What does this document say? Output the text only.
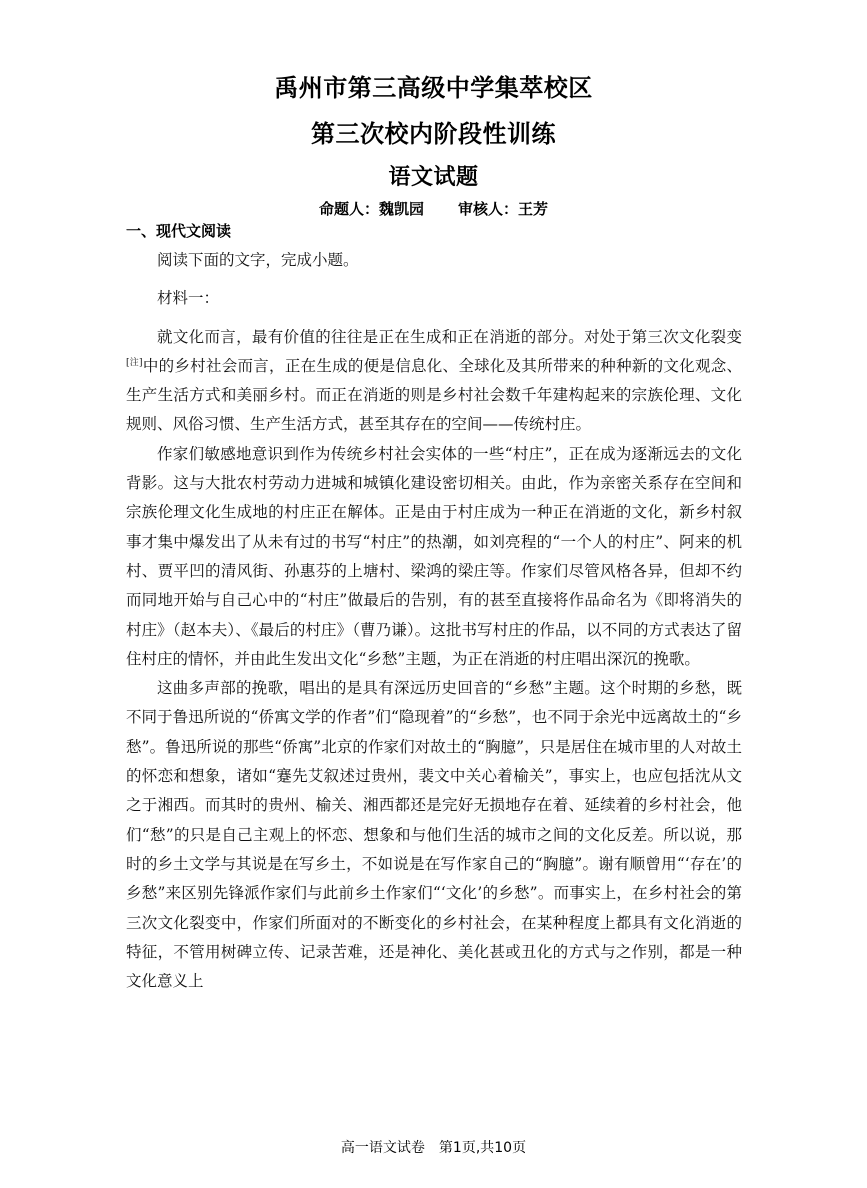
禹州市第三高级中学集萃校区
第三次校内阶段性训练
语文试题
命题人：魏凯园 审核人：王芳
一、现代文阅读

阅读下面的文字，完成小题。

材料一：

就文化而言，最有价值的往往是正在生成和正在消逝的部分。对处于第三次文化裂变[注]中的乡村社会而言，正在生成的便是信息化、全球化及其所带来的种种新的文化观念、生产生活方式和美丽乡村。而正在消逝的则是乡村社会数千年建构起来的宗族伦理、文化规则、风俗习惯、生产生活方式，甚至其存在的空间——传统村庄。

作家们敏感地意识到作为传统乡村社会实体的一些“村庄”，正在成为逐渐远去的文化背影。这与大批农村劳动力进城和城镇化建设密切相关。由此，作为亲密关系存在空间和宗族伦理文化生成地的村庄正在解体。正是由于村庄成为一种正在消逝的文化，新乡村叙事才集中爆发出了从未有过的书写“村庄”的热潮，如刘亮程的“一个人的村庄”、阿来的机村、贾平凹的清风街、孙惠芬的上塘村、梁鸿的梁庄等。作家们尽管风格各异，但却不约而同地开始与自己心中的“村庄”做最后的告别，有的甚至直接将作品命名为《即将消失的村庄》（赵本夫）、《最后的村庄》（曹乃谦）。这批书写村庄的作品，以不同的方式表达了留住村庄的情怀，并由此生发出文化“乡愁”主题，为正在消逝的村庄唱出深沉的挽歌。

这曲多声部的挽歌，唱出的是具有深远历史回音的“乡愁”主题。这个时期的乡愁，既不同于鲁迅所说的“侨寓文学的作者”们“隐现着”的“乡愁”，也不同于余光中远离故土的“乡愁”。鲁迅所说的那些“侨寓”北京的作家们对故土的“胸臆”，只是居住在城市里的人对故土的怀恋和想象，诸如“蹇先艾叙述过贵州，裴文中关心着榆关”，事实上，也应包括沈从文之于湘西。而其时的贵州、榆关、湘西都还是完好无损地存在着、延续着的乡村社会，他们“愁”的只是自己主观上的怀恋、想象和与他们生活的城市之间的文化反差。所以说，那时的乡土文学与其说是在写乡土，不如说是在写作家自己的“胸臆”。谢有顺曾用“‘存在’的乡愁”来区别先锋派作家们与此前乡土作家们“‘文化’的乡愁”。而事实上，在乡村社会的第三次文化裂变中，作家们所面对的不断变化的乡村社会，在某种程度上都具有文化消逝的特征，不管用树碑立传、记录苦难，还是神化、美化甚或丑化的方式与之作别，都是一种文化意义上

高一语文试卷　第1页,共10页
